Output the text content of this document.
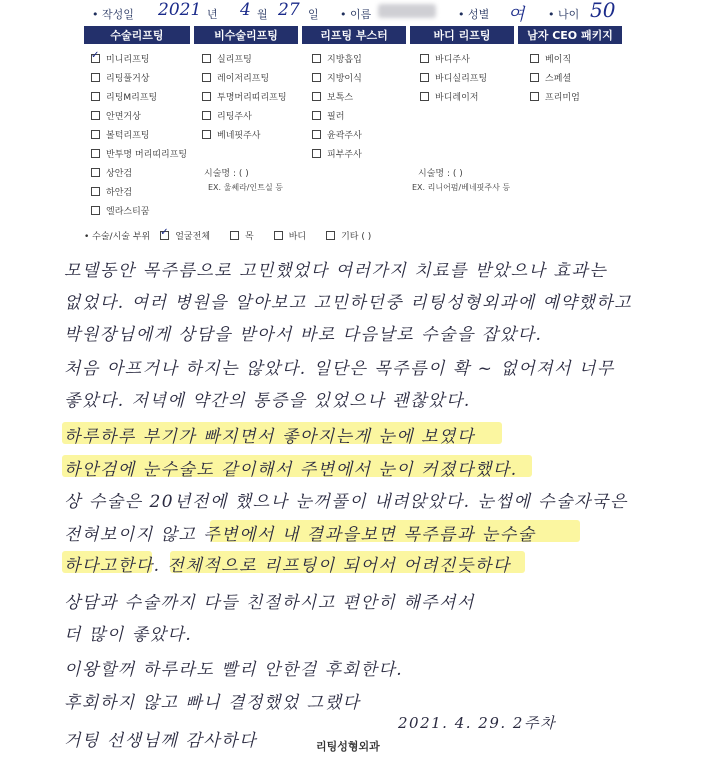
• 작성일 2021 년 4 월 27 일 • 이름	• 성별 여 • 나이 50
수술리프팅	비수술리프팅	리프팅 부스터	바디 리프팅	남자 CEO 패키지
✓
미니리프팅
리팅풀거상
리팅M리프팅
안면거상
볼턱리프팅
반투명 머리띠리프팅
상안검
하안검
엘라스티꿈
실리프팅
레이저리프팅
투명머리띠리프팅
리팅주사
베네핏주사
지방흡입
지방이식
보톡스
필러
윤곽주사
피부주사
바디주사
바디실리프팅
바디레이저
베이직
스페셜
프리미엄
시술명 : ( )
EX. 울쎄라/인트실 등
시술명 : ( )
EX. 리니어펌/베네핏주사 등
• 수술/시술 부위
✓	얼굴전체	목	바디	기타 ( )
모델동안 목주름으로 고민했었다 여러가지 치료를 받았으나 효과는
없었다. 여러 병원을 알아보고 고민하던중 리팅성형외과에 예약했하고
박원장님에게 상담을 받아서 바로 다음날로 수술을 잡았다.
처음 아프거나 하지는 않았다. 일단은 목주름이 확 ~ 없어져서 너무
좋았다. 저녁에 약간의 통증을 있었으나 괜찮았다.
하루하루 부기가 빠지면서 좋아지는게 눈에 보였다
하안검에 눈수술도 같이해서 주변에서 눈이 커졌다했다.
상 수술은 20년전에 했으나 눈꺼풀이 내려앉았다. 눈썹에 수술자국은
전혀보이지 않고 주변에서 내 결과을보면 목주름과 눈수술
하다고한다. 전체적으로 리프팅이 되어서 어려진듯하다
상담과 수술까지 다들 친절하시고 편안히 해주셔서
더 많이 좋았다.
이왕할꺼 하루라도 빨리 안한걸 후회한다.
후회하지 않고 빠니 결정했었 그랬다
거팅 선생님께 감사하다
2021. 4. 29. 2주차
리팅성형외과
